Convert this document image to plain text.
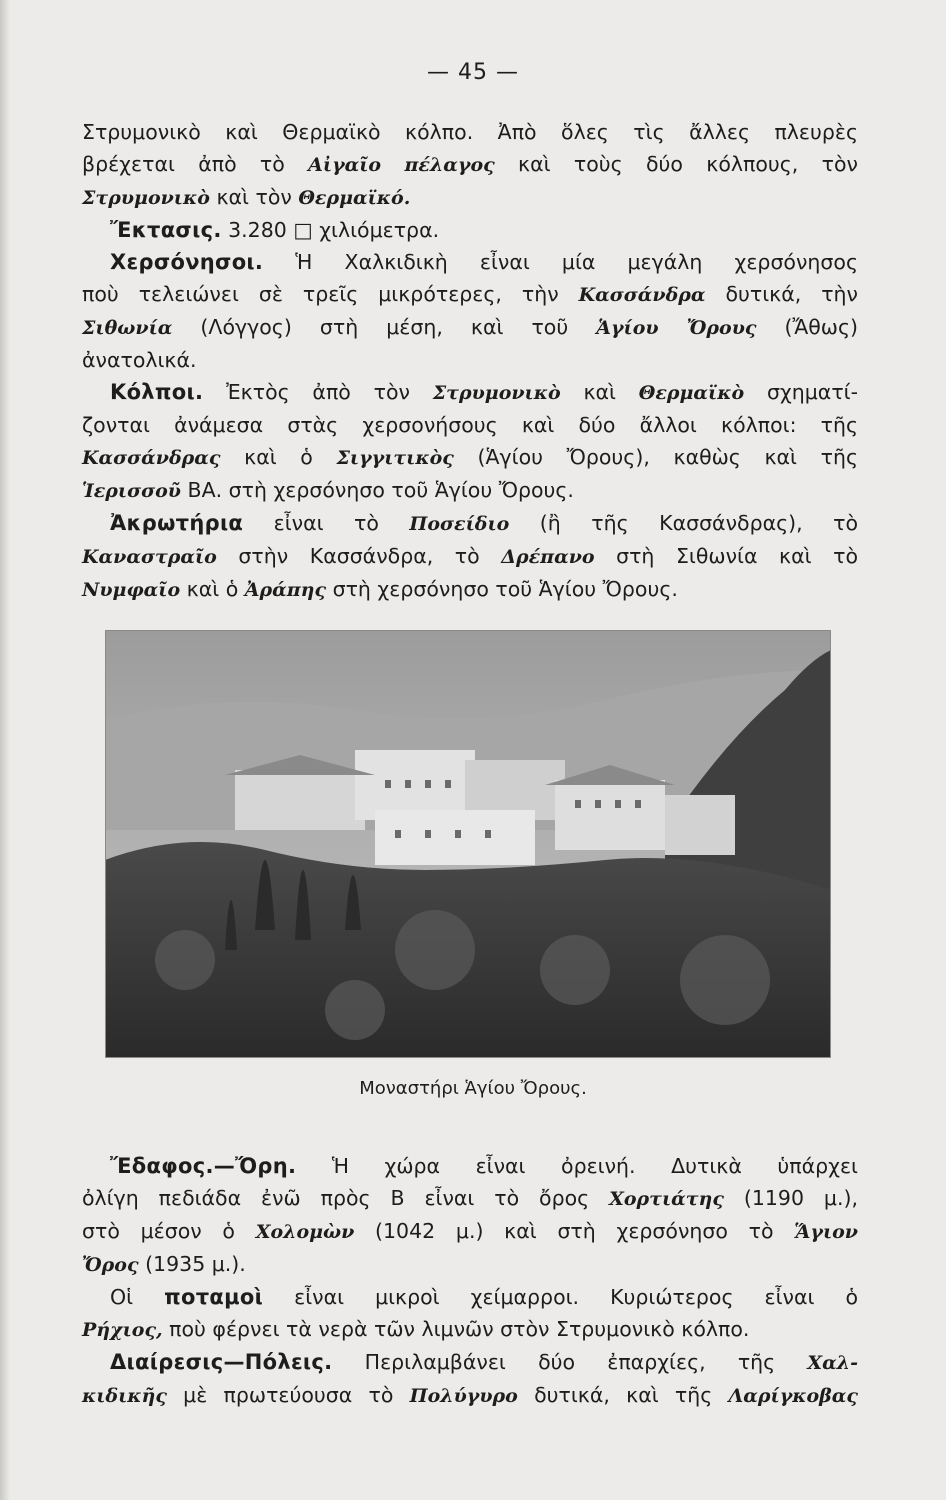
— 45 —
Στρυμονικὸ καὶ Θερμαϊκὸ κόλπο. Ἀπὸ ὅλες τὶς ἄλλες πλευρὲς
βρέχεται ἀπὸ τὸ Αἰγαῖο πέλαγος καὶ τοὺς δύο κόλπους, τὸν
Στρυμονικὸ καὶ τὸν Θερμαϊκό.
Ἔκτασις. 3.280 □ χιλιόμετρα.
Χερσόνησοι. Ἡ Χαλκιδικὴ εἶναι μία μεγάλη χερσόνησος
ποὺ τελειώνει σὲ τρεῖς μικρότερες, τὴν Κασσάνδρα δυτικά, τὴν
Σιθωνία (Λόγγος) στὴ μέση, καὶ τοῦ Ἁγίου Ὄρους (Ἄθως)
ἀνατολικά.
Κόλποι. Ἐκτὸς ἀπὸ τὸν Στρυμονικὸ καὶ Θερμαϊκὸ σχηματί-
ζονται ἀνάμεσα στὰς χερσονήσους καὶ δύο ἄλλοι κόλποι: τῆς
Κασσάνδρας καὶ ὁ Σιγγιτικὸς (Ἁγίου Ὄρους), καθὼς καὶ τῆς
Ἱερισσοῦ ΒΑ. στὴ χερσόνησο τοῦ Ἁγίου Ὄρους.
Ἀκρωτήρια εἶναι τὸ Ποσείδιο (ἢ τῆς Κασσάνδρας), τὸ
Καναστραῖο στὴν Κασσάνδρα, τὸ Δρέπανο στὴ Σιθωνία καὶ τὸ
Νυμφαῖο καὶ ὁ Ἀράπης στὴ χερσόνησο τοῦ Ἁγίου Ὄρους.
Μοναστήρι Ἁγίου Ὄρους.
Ἔδαφος.—Ὄρη. Ἡ χώρα εἶναι ὀρεινή. Δυτικὰ ὑπάρχει
ὀλίγη πεδιάδα ἐνῶ πρὸς Β εἶναι τὸ ὄρος Χορτιάτης (1190 μ.),
στὸ μέσον ὁ Χολομὼν (1042 μ.) καὶ στὴ χερσόνησο τὸ Ἅγιον
Ὄρος (1935 μ.).
Οἱ ποταμοὶ εἶναι μικροὶ χείμαρροι. Κυριώτερος εἶναι ὁ
Ρήχιος, ποὺ φέρνει τὰ νερὰ τῶν λιμνῶν στὸν Στρυμονικὸ κόλπο.
Διαίρεσις—Πόλεις. Περιλαμβάνει δύο ἐπαρχίες, τῆς Χαλ-
κιδικῆς μὲ πρωτεύουσα τὸ Πολύγυρο δυτικά, καὶ τῆς Λαρίγκοβας
